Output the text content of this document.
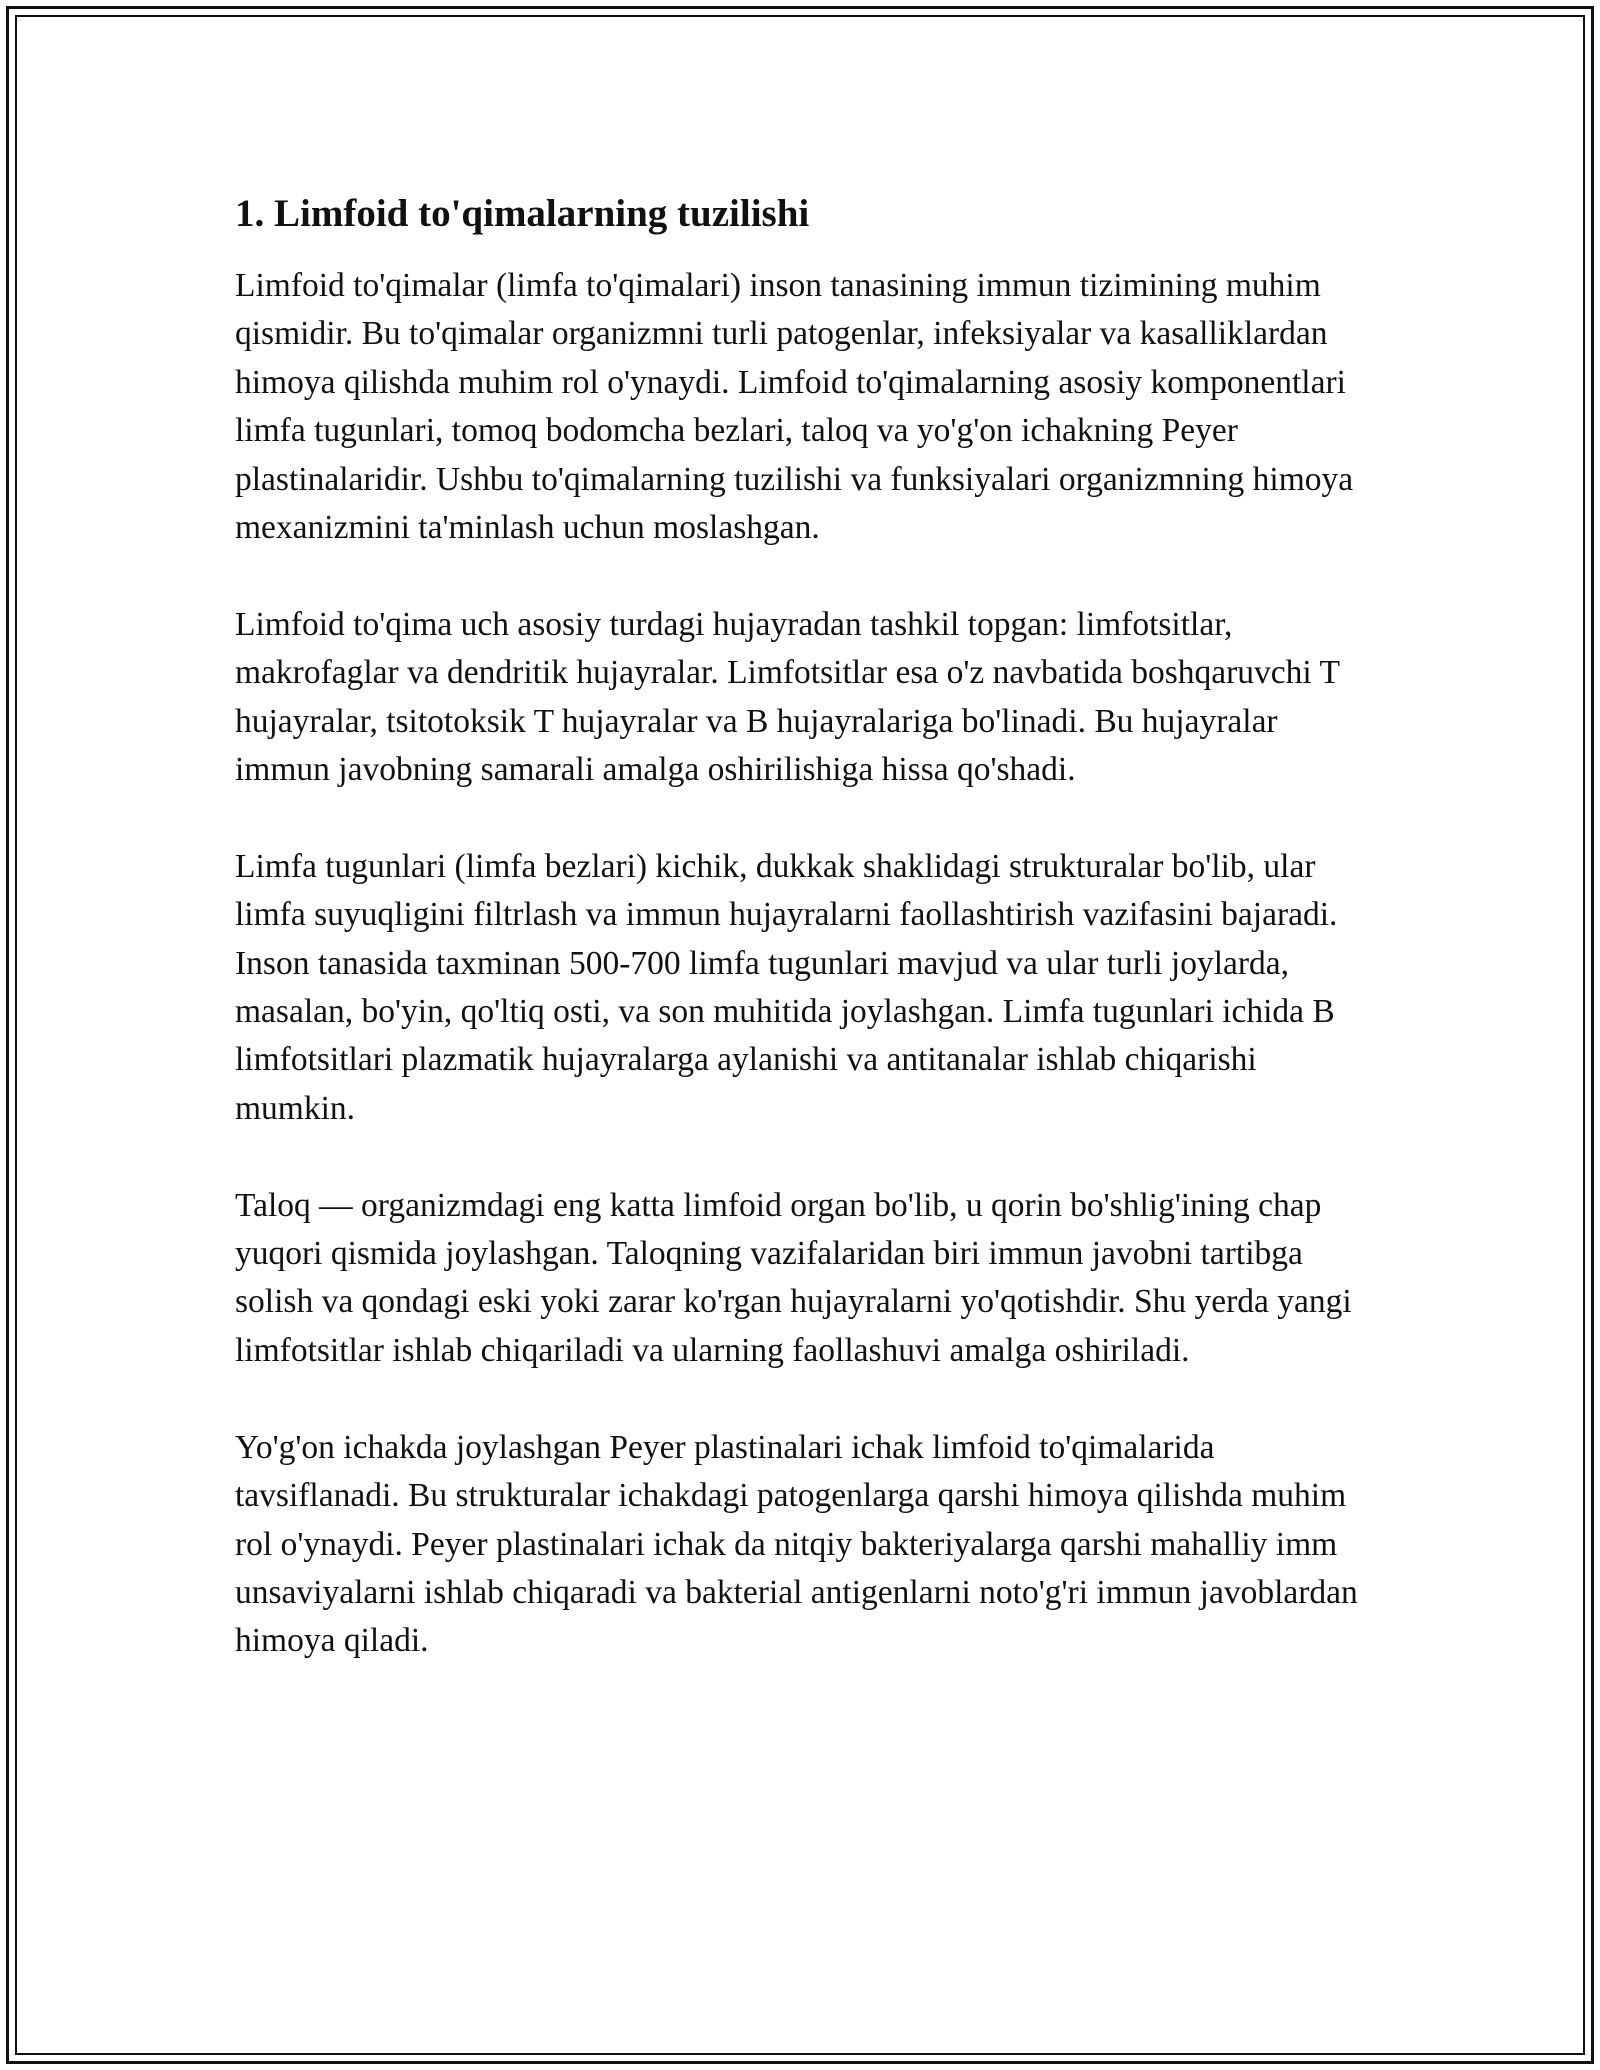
1. Limfoid to'qimalarning tuzilishi

Limfoid to'qimalar (limfa to'qimalari) inson tanasining immun tizimining muhim qismidir. Bu to'qimalar organizmni turli patogenlar, infeksiyalar va kasalliklardan himoya qilishda muhim rol o'ynaydi. Limfoid to'qimalarning asosiy komponentlari limfa tugunlari, tomoq bodomcha bezlari, taloq va yo'g'on ichakning Peyer plastinalaridir. Ushbu to'qimalarning tuzilishi va funksiyalari organizmning himoya mexanizmini ta'minlash uchun moslashgan.

Limfoid to'qima uch asosiy turdagi hujayradan tashkil topgan: limfotsitlar, makrofaglar va dendritik hujayralar. Limfotsitlar esa o'z navbatida boshqaruvchi T hujayralar, tsitotoksik T hujayralar va B hujayralariga bo'linadi. Bu hujayralar immun javobning samarali amalga oshirilishiga hissa qo'shadi.

Limfa tugunlari (limfa bezlari) kichik, dukkak shaklidagi strukturalar bo'lib, ular limfa suyuqligini filtrlash va immun hujayralarni faollashtirish vazifasini bajaradi. Inson tanasida taxminan 500-700 limfa tugunlari mavjud va ular turli joylarda, masalan, bo'yin, qo'ltiq osti, va son muhitida joylashgan. Limfa tugunlari ichida B limfotsitlari plazmatik hujayralarga aylanishi va antitanalar ishlab chiqarishi mumkin.

Taloq — organizmdagi eng katta limfoid organ bo'lib, u qorin bo'shlig'ining chap yuqori qismida joylashgan. Taloqning vazifalaridan biri immun javobni tartibga solish va qondagi eski yoki zarar ko'rgan hujayralarni yo'qotishdir. Shu yerda yangi limfotsitlar ishlab chiqariladi va ularning faollashuvi amalga oshiriladi.

Yo'g'on ichakda joylashgan Peyer plastinalari ichak limfoid to'qimalarida tavsiflanadi. Bu strukturalar ichakdagi patogenlarga qarshi himoya qilishda muhim rol o'ynaydi. Peyer plastinalari ichak da nitqiy bakteriyalarga qarshi mahalliy imm unsaviyalarni ishlab chiqaradi va bakterial antigenlarni noto'g'ri immun javoblardan himoya qiladi.
